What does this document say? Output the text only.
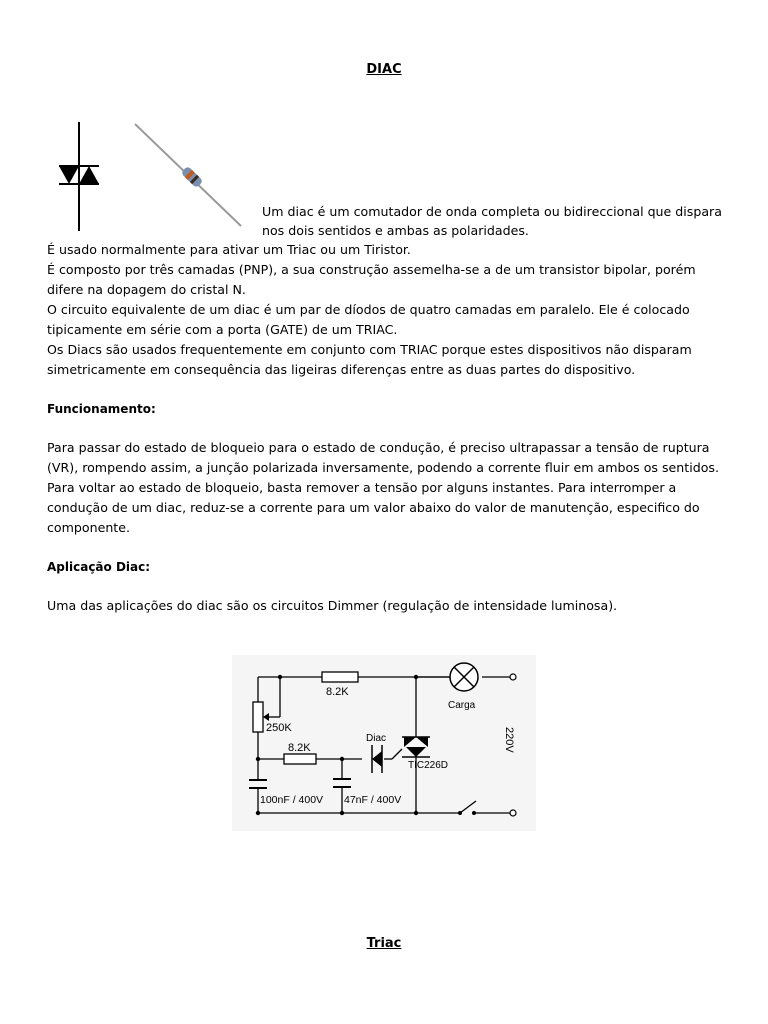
DIAC
Um diac é um comutador de onda completa ou bidireccional que dispara
nos dois sentidos e ambas as polaridades.
É usado normalmente para ativar um Triac ou um Tiristor.
É composto por três camadas (PNP), a sua construção assemelha-se a de um transistor bipolar, porém
difere na dopagem do cristal N.
O circuito equivalente de um diac é um par de díodos de quatro camadas em paralelo. Ele é colocado
tipicamente em série com a porta (GATE) de um TRIAC.
Os Diacs são usados frequentemente em conjunto com TRIAC porque estes dispositivos não disparam
simetricamente em consequência das ligeiras diferenças entre as duas partes do dispositivo.
Funcionamento:
Para passar do estado de bloqueio para o estado de condução, é preciso ultrapassar a tensão de ruptura
(VR), rompendo assim, a junção polarizada inversamente, podendo a corrente fluir em ambos os sentidos.
Para voltar ao estado de bloqueio, basta remover a tensão por alguns instantes. Para interromper a
condução de um diac, reduz-se a corrente para um valor abaixo do valor de manutenção, especifico do
componente.
Aplicação Diac:
Uma das aplicações do diac são os circuitos Dimmer (regulação de intensidade luminosa).
8.2K
8.2K
250K
Diac
TIC226D
Carga
220V
100nF / 400V 47nF / 400V
Triac
